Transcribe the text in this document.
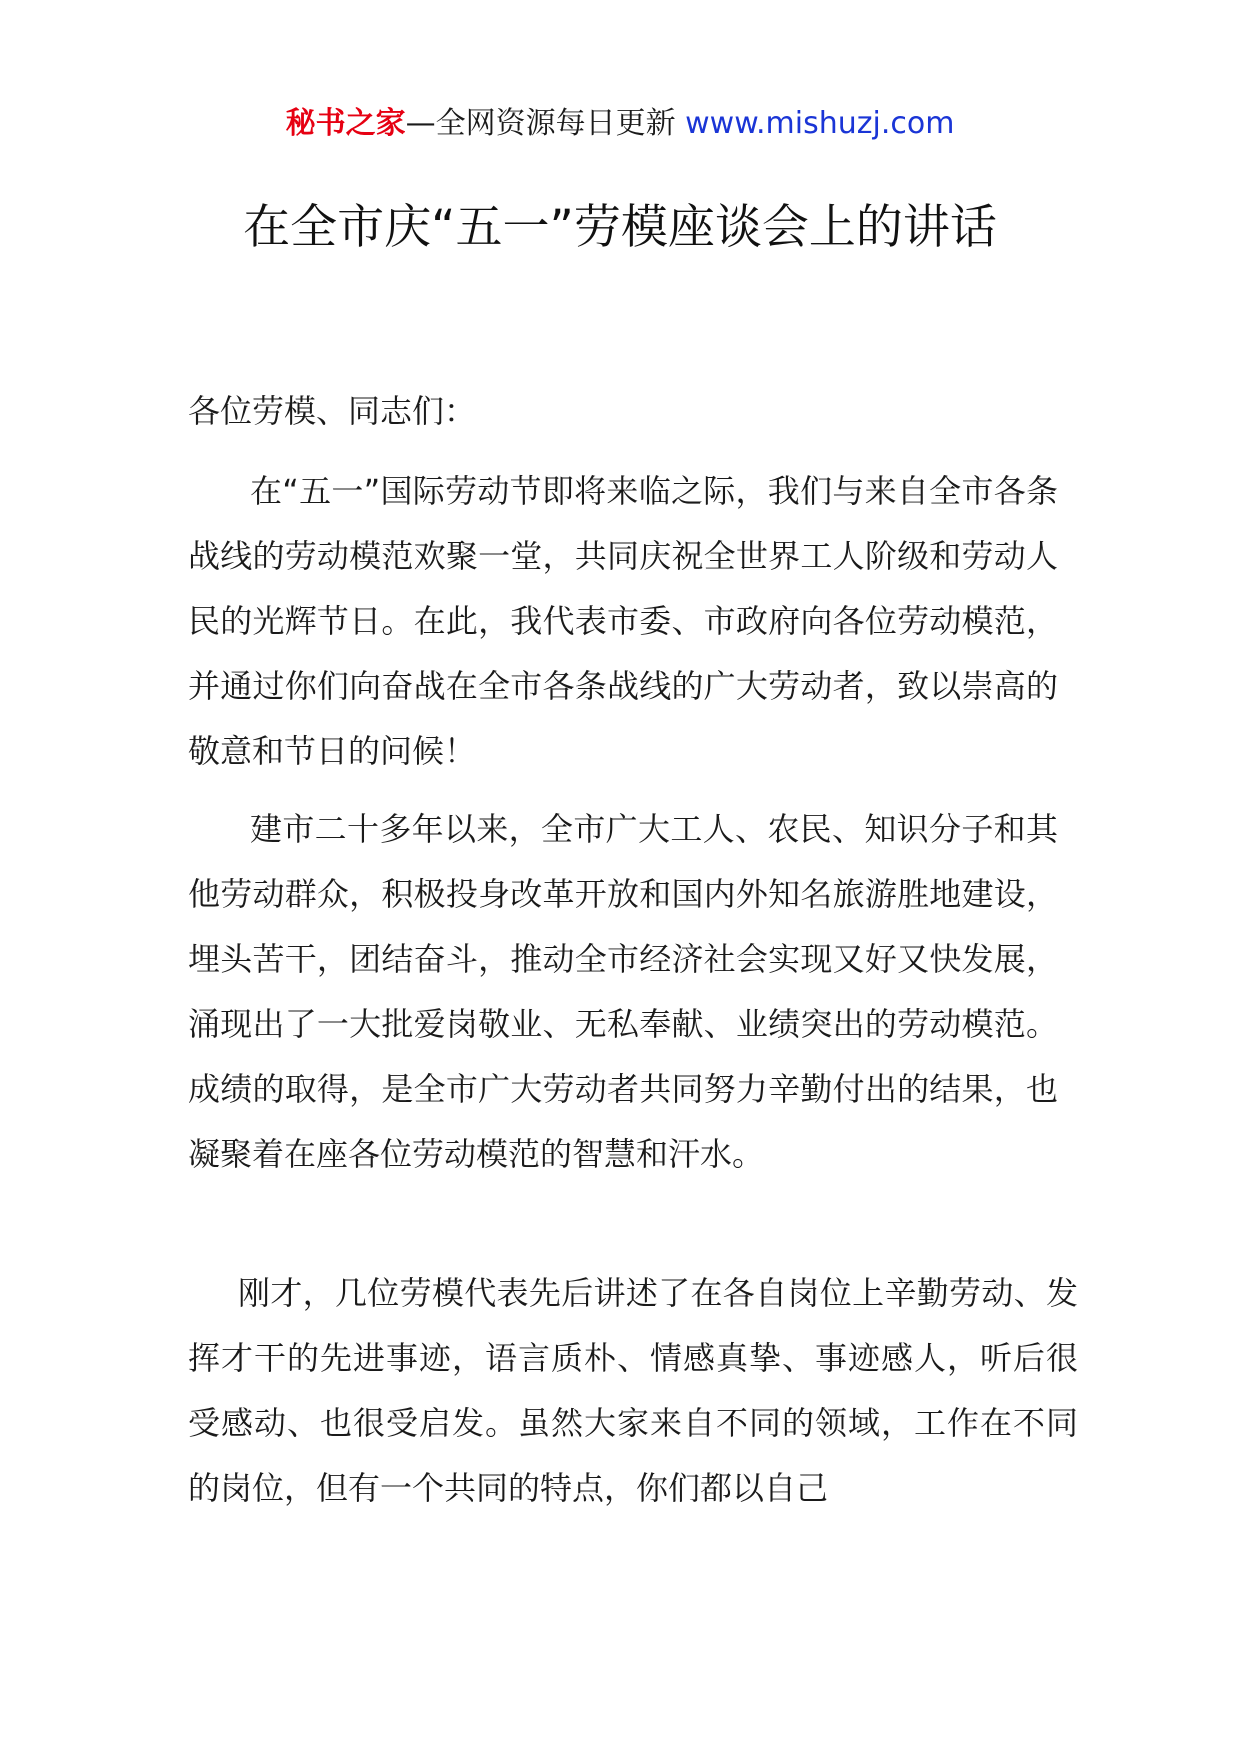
秘书之家—全网资源每日更新 www.mishuzj.com
在全市庆“五一”劳模座谈会上的讲话
各位劳模、同志们：

在“五一”国际劳动节即将来临之际，我们与来自全市各条战线的劳动模范欢聚一堂，共同庆祝全世界工人阶级和劳动人民的光辉节日。在此，我代表市委、市政府向各位劳动模范，并通过你们向奋战在全市各条战线的广大劳动者，致以崇高的敬意和节日的问候！

建市二十多年以来，全市广大工人、农民、知识分子和其他劳动群众，积极投身改革开放和国内外知名旅游胜地建设，埋头苦干，团结奋斗，推动全市经济社会实现又好又快发展，涌现出了一大批爱岗敬业、无私奉献、业绩突出的劳动模范。成绩的取得，是全市广大劳动者共同努力辛勤付出的结果，也凝聚着在座各位劳动模范的智慧和汗水。

刚才，几位劳模代表先后讲述了在各自岗位上辛勤劳动、发挥才干的先进事迹，语言质朴、情感真挚、事迹感人，听后很受感动、也很受启发。虽然大家来自不同的领域，工作在不同的岗位，但有一个共同的特点，你们都以自己
